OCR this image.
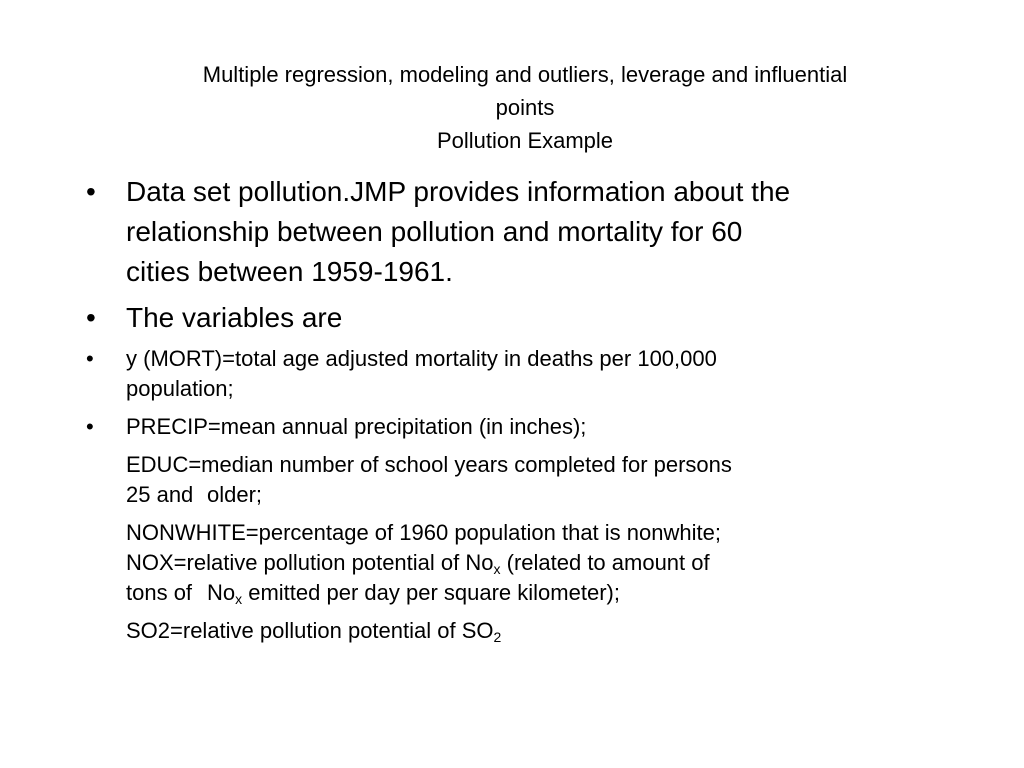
Multiple regression, modeling and outliers, leverage and influential
points
Pollution Example
• Data set pollution.JMP provides information about the
relationship between pollution and mortality for 60
cities between 1959-1961.
• The variables are
• y (MORT)=total age adjusted mortality in deaths per 100,000
population;
• PRECIP=mean annual precipitation (in inches);
EDUC=median number of school years completed for persons
25 and older;
NONWHITE=percentage of 1960 population that is nonwhite;
NOX=relative pollution potential of $No_x$ (related to amount of
tons of $No_x$ emitted per day per square kilometer);
SO2=relative pollution potential of $SO_2$
